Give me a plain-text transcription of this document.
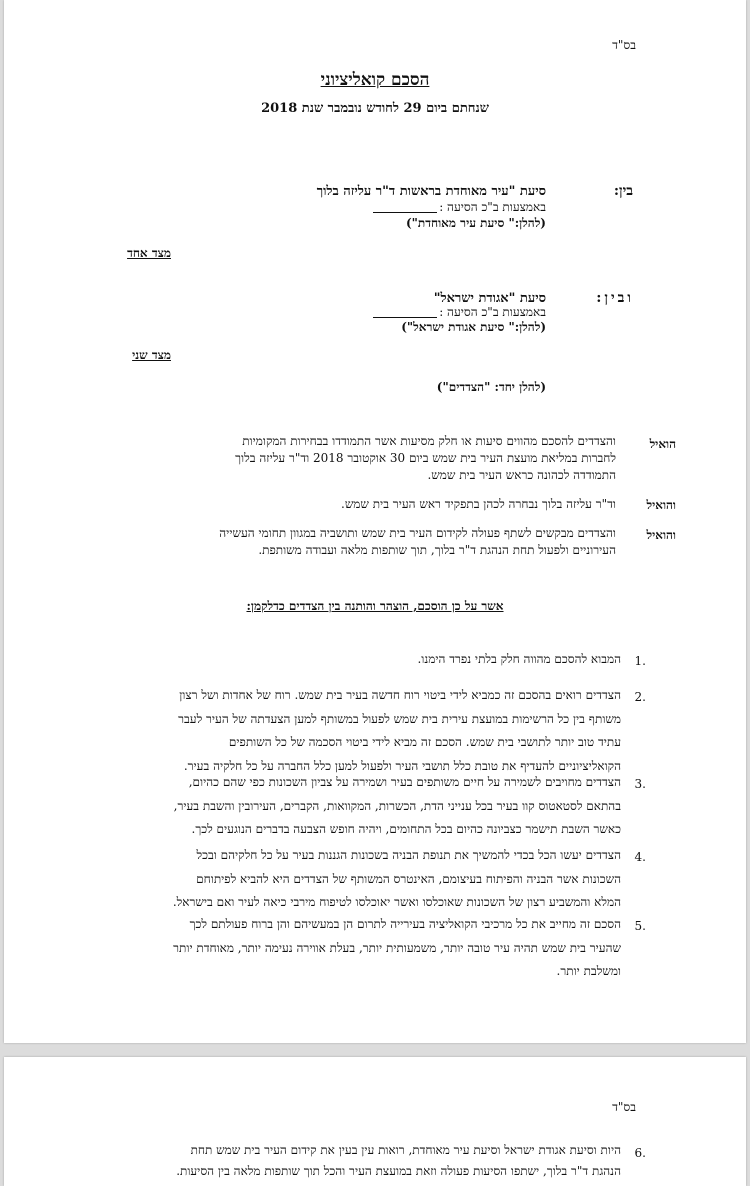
בס"ד
הסכם קואליציוני
שנחתם ביום 29 לחודש נובמבר שנת 2018
בין:
סיעת "עיר מאוחדת בראשות ד"ר עליזה בלוך
באמצעות ב"כ הסיעה :
(להלן:" סיעת עיר מאוחדת")
מצד אחד
ובין:
סיעת "אגודת ישראל"
באמצעות ב"כ הסיעה :
(להלן:" סיעת אגודת ישראל")
מצד שני
(להלן יחד: "הצדדים")
הואיל
והצדדים להסכם מהווים סיעות או חלק מסיעות אשר התמודדו בבחירות המקומיות
לחברות במליאת מועצת העיר בית שמש ביום 30 אוקטובר 2018 וד"ר עליזה בלוך
התמודדה לכהונה כראש העיר בית שמש.
והואיל
וד"ר עליזה בלוך נבחרה לכהן בתפקיד ראש העיר בית שמש.
והואיל
והצדדים מבקשים לשתף פעולה לקידום העיר בית שמש ותושביה במגוון תחומי העשייה
העירוניים ולפעול תחת הנהגת ד"ר בלוך, תוך שותפות מלאה ועבודה משותפת.
אשר על כן הוסכם, הוצהר והותנה בין הצדדים כדלקמן:
1.
המבוא להסכם מהווה חלק בלתי נפרד הימנו.
2.
הצדדים רואים בהסכם זה כמביא לידי ביטוי רוח חדשה בעיר בית שמש. רוח של אחדות ושל רצון
משותף בין כל הרשימות במועצת עירית בית שמש לפעול במשותף למען הצעדתה של העיר לעבר
עתיד טוב יותר לתושבי בית שמש. הסכם זה מביא לידי ביטוי הסכמה של כל השותפים
הקואליציוניים להעדיף את טובת כלל תושבי העיר ולפעול למען כלל החברה על כל חלקיה בעיר.
3.
הצדדים מחויבים לשמירה על חיים משותפים בעיר ושמירה על צביון השכונות כפי שהם כהיום,
בהתאם לסטאטוס קוו בעיר בכל ענייני הדת, הכשרות, המקוואות, הקברים, העירובין והשבת בעיר,
כאשר השבת תישמר כצביונה כהיום בכל התחומים, ויהיה חופש הצבעה בדברים הנוגעים לכך.
4.
הצדדים יעשו הכל בכדי להמשיך את תנופת הבניה בשכונות הגננות בעיר על כל חלקיהם ובכל
השכונות אשר הבניה והפיתוח בעיצומם, האינטרס המשותף של הצדדים היא להביא לפיתוחם
המלא והמשביע רצון של השכונות שאוכלסו ואשר יאוכלסו לטיפוח מירבי כיאה לעיר ואם בישראל.
5.
הסכם זה מחייב את כל מרכיבי הקואליציה בעירייה לתרום הן במעשיהם והן ברוח פעולתם לכך
שהעיר בית שמש תהיה עיר טובה יותר, משמעותית יותר, בעלת אווירה נעימה יותר, מאוחדת יותר
ומשלבת יותר.
בס"ד
6.
היות וסיעת אגודת ישראל וסיעת עיר מאוחדת, רואות עין בעין את קידום העיר בית שמש תחת
הנהגת ד"ר בלוך, ישתפו הסיעות פעולה וזאת במועצת העיר והכל תוך שותפות מלאה בין הסיעות.
